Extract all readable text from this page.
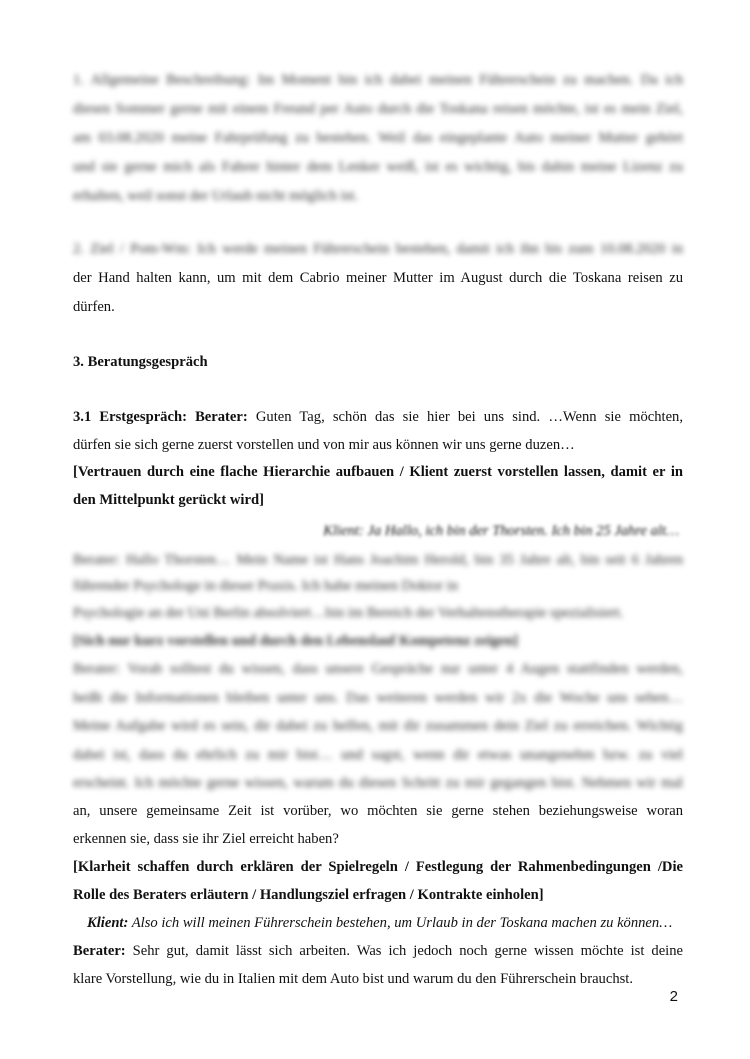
1. Allgemeine Beschreibung: Im Moment bin ich dabei meinen Führerschein zu machen. Da ich
diesen Sommer gerne mit einem Freund per Auto durch die Toskana reisen möchte, ist es mein Ziel,
am 03.08.2020 meine Fahrprüfung zu bestehen. Weil das eingeplante Auto meiner Mutter gehört
und sie gerne mich als Fahrer hinter dem Lenker weiß, ist es wichtig, bis dahin meine Lizenz zu
erhalten, weil sonst der Urlaub nicht möglich ist.
2. Ziel / Pom-Wm: Ich werde meinen Führerschein bestehen, damit ich ihn bis zum 10.08.2020 in
der Hand halten kann, um mit dem Cabrio meiner Mutter im August durch die Toskana reisen zu
dürfen.
3. Beratungsgespräch
3.1 Erstgespräch: Berater: Guten Tag, schön das sie hier bei uns sind. …Wenn sie möchten,
dürfen sie sich gerne zuerst vorstellen und von mir aus können wir uns gerne duzen…
[Vertrauen durch eine flache Hierarchie aufbauen / Klient zuerst vorstellen lassen, damit er in
den Mittelpunkt gerückt wird]
Klient: Ja Hallo, ich bin der Thorsten. Ich bin 25 Jahre alt…
Berater: Hallo Thorsten… Mein Name ist Hans Joachim Herold, bin 35 Jahre alt, bin seit 6 Jahren
führender Psychologe in dieser Praxis. Ich habe meinen Doktor in
Psychologie an der Uni Berlin absolviert…bin im Bereich der Verhaltenstherapie spezialisiert.
[Sich nur kurz vorstellen und durch den Lebenslauf Kompetenz zeigen]
Berater: Vorab solltest du wissen, dass unsere Gespräche nur unter 4 Augen stattfinden werden,
heißt die Informationen bleiben unter uns. Das weiteren werden wir 2x die Woche uns sehen…
Meine Aufgabe wird es sein, dir dabei zu helfen, mit dir zusammen dein Ziel zu erreichen. Wichtig
dabei ist, dass du ehrlich zu mir bist… und sagst, wenn dir etwas unangenehm bzw. zu viel
erscheint. Ich möchte gerne wissen, warum du diesen Schritt zu mir gegangen bist. Nehmen wir mal
an, unsere gemeinsame Zeit ist vorüber, wo möchten sie gerne stehen beziehungsweise woran
erkennen sie, dass sie ihr Ziel erreicht haben?
[Klarheit schaffen durch erklären der Spielregeln / Festlegung der Rahmenbedingungen /Die
Rolle des Beraters erläutern / Handlungsziel erfragen / Kontrakte einholen]
Klient: Also ich will meinen Führerschein bestehen, um Urlaub in der Toskana machen zu können…
Berater: Sehr gut, damit lässt sich arbeiten. Was ich jedoch noch gerne wissen möchte ist deine
klare Vorstellung, wie du in Italien mit dem Auto bist und warum du den Führerschein brauchst.
2
